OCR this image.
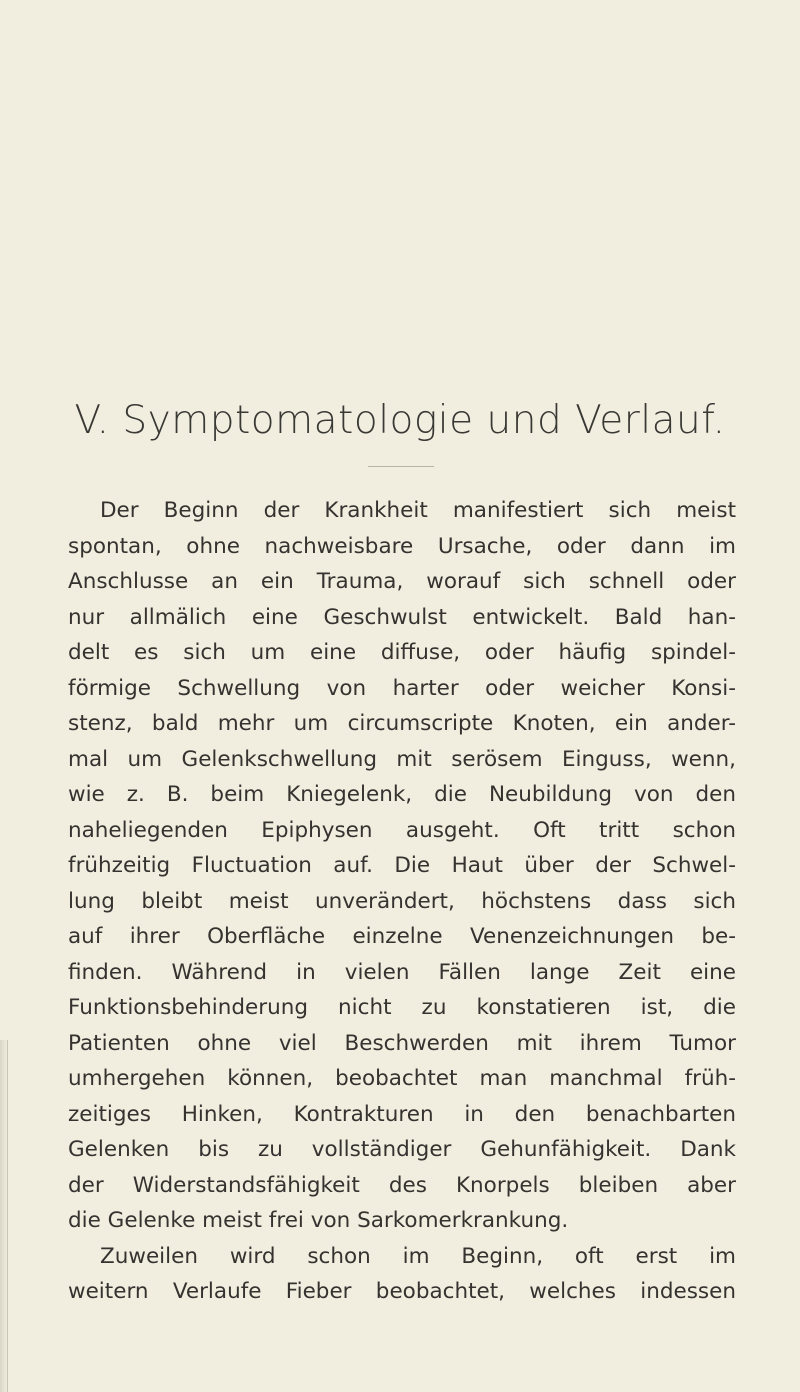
V. Symptomatologie und Verlauf.
Der Beginn der Krankheit manifestiert sich meist
spontan, ohne nachweisbare Ursache, oder dann im
Anschlusse an ein Trauma, worauf sich schnell oder
nur allmälich eine Geschwulst entwickelt. Bald han-
delt es sich um eine diffuse, oder häufig spindel-
förmige Schwellung von harter oder weicher Konsi-
stenz, bald mehr um circumscripte Knoten, ein ander-
mal um Gelenkschwellung mit serösem Einguss, wenn,
wie z. B. beim Kniegelenk, die Neubildung von den
naheliegenden Epiphysen ausgeht. Oft tritt schon
frühzeitig Fluctuation auf. Die Haut über der Schwel-
lung bleibt meist unverändert, höchstens dass sich
auf ihrer Oberfläche einzelne Venenzeichnungen be-
finden. Während in vielen Fällen lange Zeit eine
Funktionsbehinderung nicht zu konstatieren ist, die
Patienten ohne viel Beschwerden mit ihrem Tumor
umhergehen können, beobachtet man manchmal früh-
zeitiges Hinken, Kontrakturen in den benachbarten
Gelenken bis zu vollständiger Gehunfähigkeit. Dank
der Widerstandsfähigkeit des Knorpels bleiben aber
die Gelenke meist frei von Sarkomerkrankung.
Zuweilen wird schon im Beginn, oft erst im
weitern Verlaufe Fieber beobachtet, welches indessen
